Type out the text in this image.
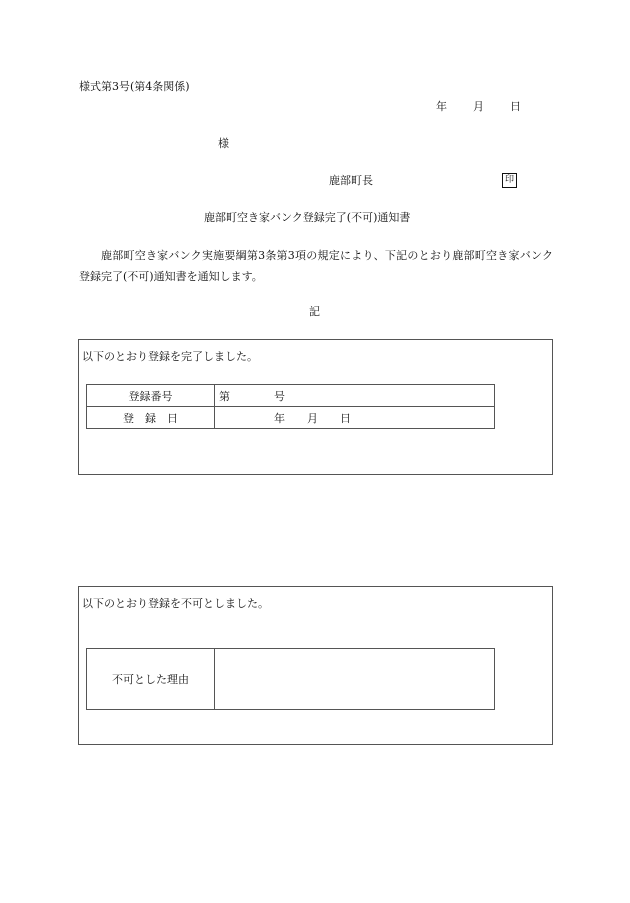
様式第3号(第4条関係)
年 月 日
様
鹿部町長	印
鹿部町空き家バンク登録完了(不可)通知書
鹿部町空き家バンク実施要綱第3条第3項の規定により、下記のとおり鹿部町空き家バンク登録完了(不可)通知書を通知します。
記
以下のとおり登録を完了しました。
登録番号	第　　　　号
登　録　日	　　　　　年　　月　　日
以下のとおり登録を不可としました。
不可とした理由	
